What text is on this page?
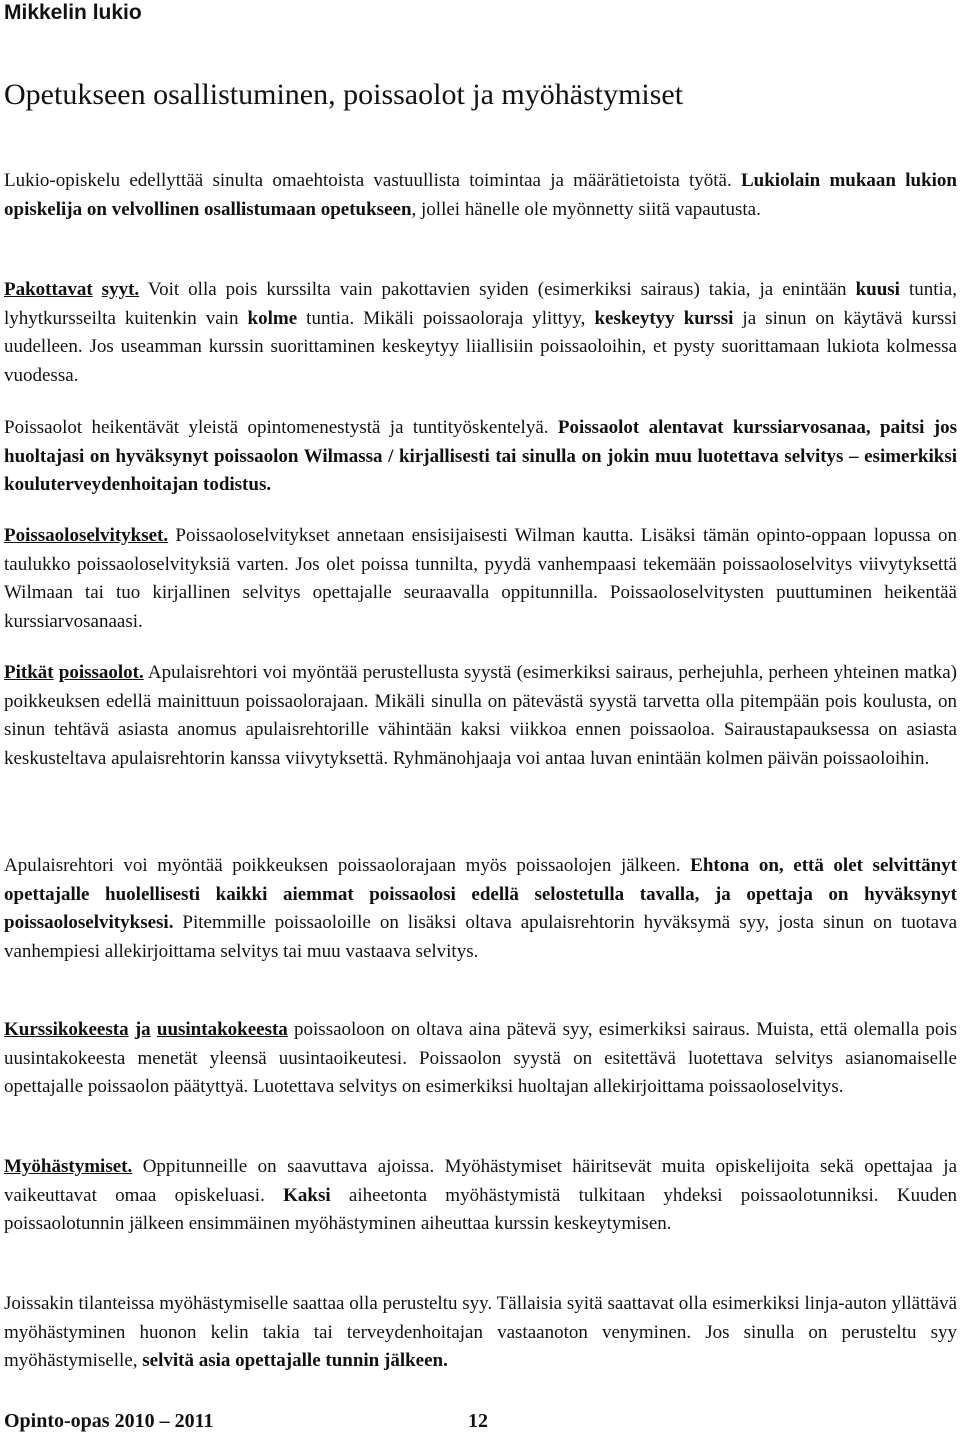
Mikkelin lukio
Opetukseen osallistuminen, poissaolot ja myöhästymiset

Lukio-opiskelu edellyttää sinulta omaehtoista vastuullista toimintaa ja määrätietoista työtä. Lukiolain mukaan lukion opiskelija on velvollinen osallistumaan opetukseen, jollei hänelle ole myönnetty siitä vapautusta.

Pakottavat syyt. Voit olla pois kurssilta vain pakottavien syiden (esimerkiksi sairaus) takia, ja enintään kuusi tuntia, lyhytkursseilta kuitenkin vain kolme tuntia. Mikäli poissaoloraja ylittyy, keskeytyy kurssi ja sinun on käytävä kurssi uudelleen. Jos useamman kurssin suorittaminen keskeytyy liiallisiin poissaoloihin, et pysty suorittamaan lukiota kolmessa vuodessa.

Poissaolot heikentävät yleistä opintomenestystä ja tuntityöskentelyä. Poissaolot alentavat kurssiarvosanaa, paitsi jos huoltajasi on hyväksynyt poissaolon Wilmassa / kirjallisesti tai sinulla on jokin muu luotettava selvitys – esimerkiksi kouluterveydenhoitajan todistus.

Poissaoloselvitykset. Poissaoloselvitykset annetaan ensisijaisesti Wilman kautta. Lisäksi tämän opinto-oppaan lopussa on taulukko poissaoloselvityksiä varten. Jos olet poissa tunnilta, pyydä vanhempaasi tekemään poissaoloselvitys viivytyksettä Wilmaan tai tuo kirjallinen selvitys opettajalle seuraavalla oppitunnilla. Poissaoloselvitysten puuttuminen heikentää kurssiarvosanaasi.

Pitkät poissaolot. Apulaisrehtori voi myöntää perustellusta syystä (esimerkiksi sairaus, perhejuhla, perheen yhteinen matka) poikkeuksen edellä mainittuun poissaolorajaan. Mikäli sinulla on pätevästä syystä tarvetta olla pitempään pois koulusta, on sinun tehtävä asiasta anomus apulaisrehtorille vähintään kaksi viikkoa ennen poissaoloa. Sairaustapauksessa on asiasta keskusteltava apulaisrehtorin kanssa viivytyksettä. Ryhmänohjaaja voi antaa luvan enintään kolmen päivän poissaoloihin.

Apulaisrehtori voi myöntää poikkeuksen poissaolorajaan myös poissaolojen jälkeen. Ehtona on, että olet selvittänyt opettajalle huolellisesti kaikki aiemmat poissaolosi edellä selostetulla tavalla, ja opettaja on hyväksynyt poissaoloselvityksesi. Pitemmille poissaoloille on lisäksi oltava apulaisrehtorin hyväksymä syy, josta sinun on tuotava vanhempiesi allekirjoittama selvitys tai muu vastaava selvitys.

Kurssikokeesta ja uusintakokeesta poissaoloon on oltava aina pätevä syy, esimerkiksi sairaus. Muista, että olemalla pois uusintakokeesta menetät yleensä uusintaoikeutesi. Poissaolon syystä on esitettävä luotettava selvitys asianomaiselle opettajalle poissaolon päätyttyä. Luotettava selvitys on esimerkiksi huoltajan allekirjoittama poissaoloselvitys.

Myöhästymiset. Oppitunneille on saavuttava ajoissa. Myöhästymiset häiritsevät muita opiskelijoita sekä opettajaa ja vaikeuttavat omaa opiskeluasi. Kaksi aiheetonta myöhästymistä tulkitaan yhdeksi poissaolotunniksi. Kuuden poissaolotunnin jälkeen ensimmäinen myöhästyminen aiheuttaa kurssin keskeytymisen.

Joissakin tilanteissa myöhästymiselle saattaa olla perusteltu syy. Tällaisia syitä saattavat olla esimerkiksi linja-auton yllättävä myöhästyminen huonon kelin takia tai terveydenhoitajan vastaanoton venyminen. Jos sinulla on perusteltu syy myöhästymiselle, selvitä asia opettajalle tunnin jälkeen.

Opinto-opas 2010 – 2011	12
